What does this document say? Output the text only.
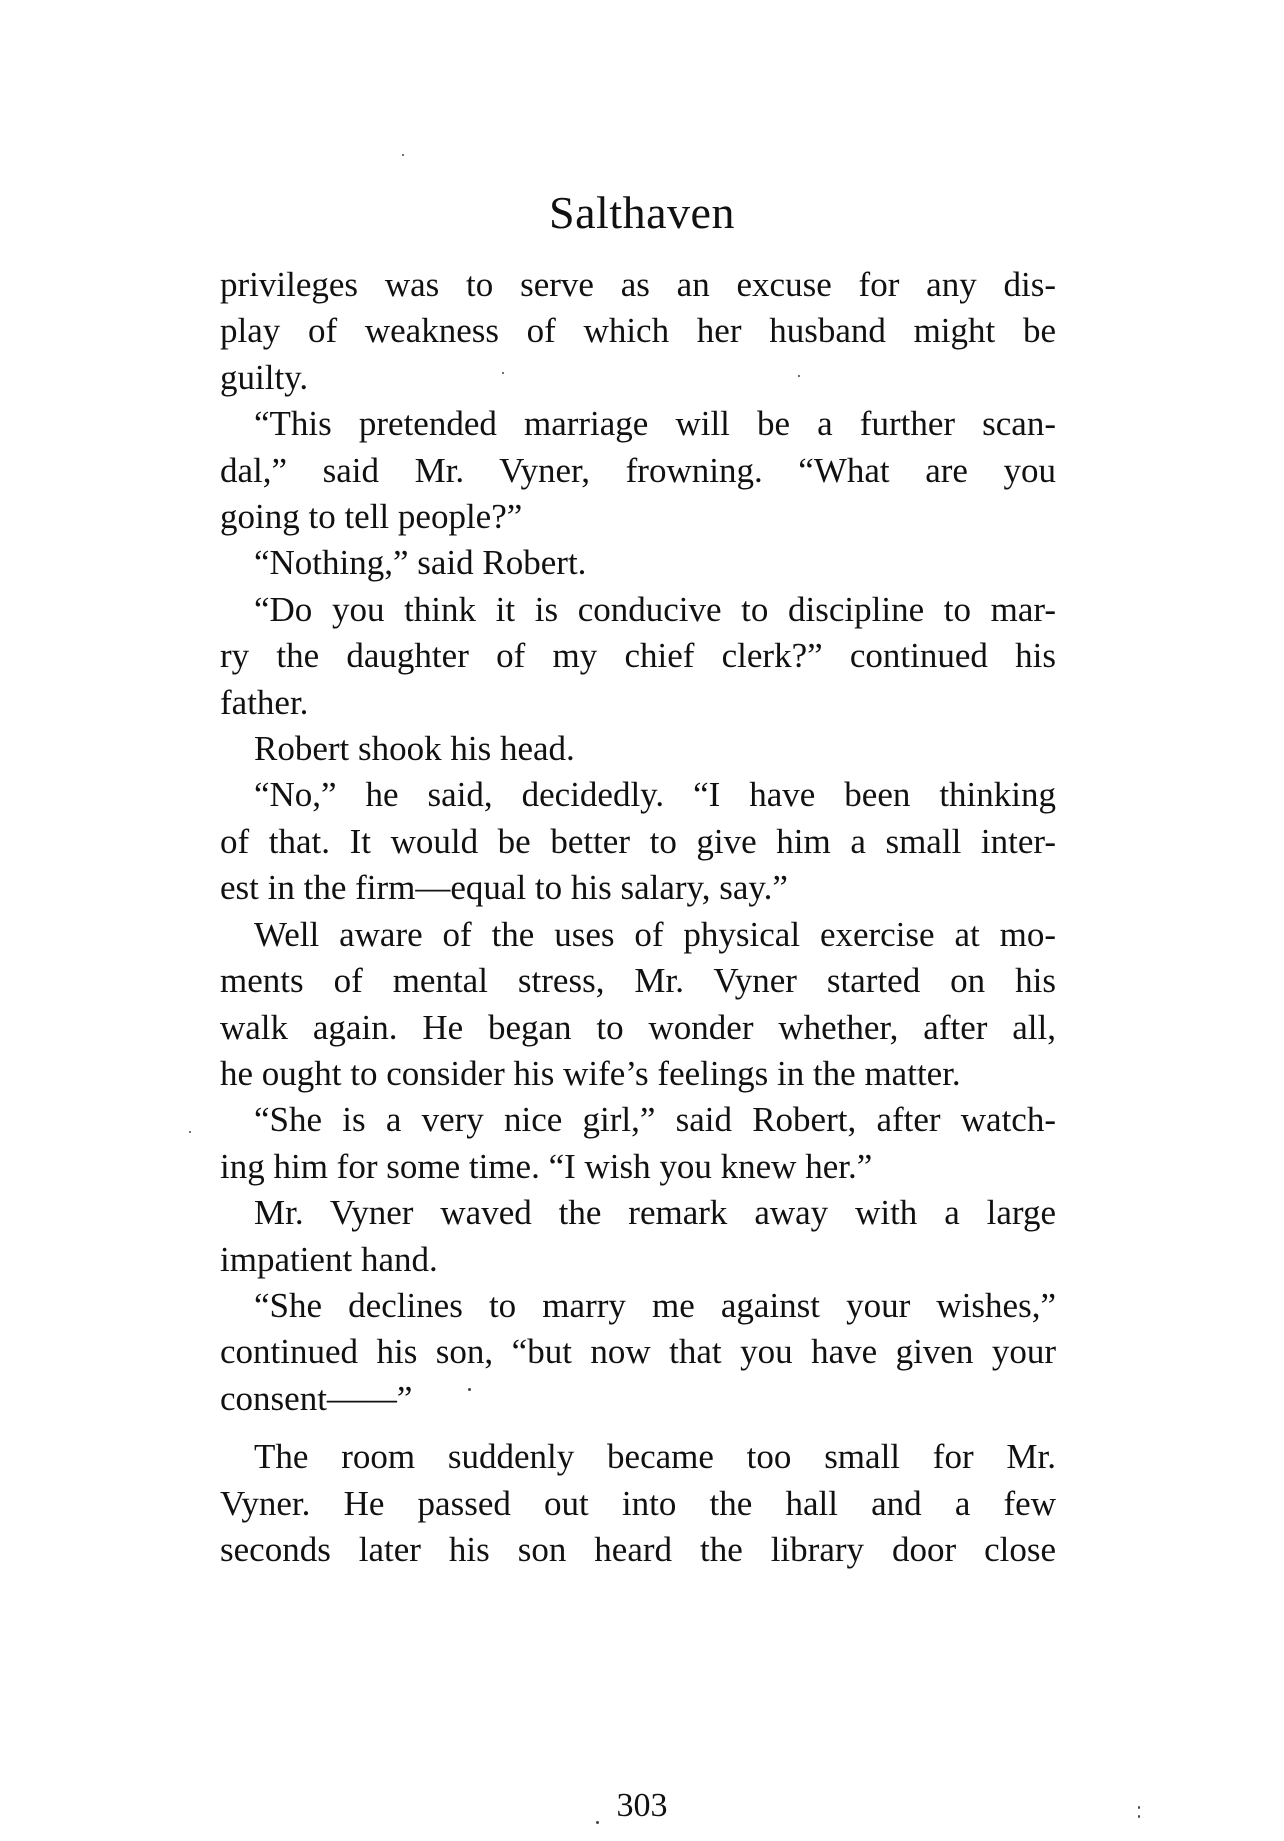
Salthaven

privileges was to serve as an excuse for any dis-

play of weakness of which her husband might be

guilty.

“This pretended marriage will be a further scan-

dal,” said Mr. Vyner, frowning. “What are you

going to tell people?”

“Nothing,” said Robert.

“Do you think it is conducive to discipline to mar-

ry the daughter of my chief clerk?” continued his

father.

Robert shook his head.

“No,” he said, decidedly. “I have been thinking

of that. It would be better to give him a small inter-

est in the firm—equal to his salary, say.”

Well aware of the uses of physical exercise at mo-

ments of mental stress, Mr. Vyner started on his

walk again. He began to wonder whether, after all,

he ought to consider his wife’s feelings in the matter.

“She is a very nice girl,” said Robert, after watch-

ing him for some time. “I wish you knew her.”

Mr. Vyner waved the remark away with a large

impatient hand.

“She declines to marry me against your wishes,”

continued his son, “but now that you have given your

consent——”

The room suddenly became too small for Mr.

Vyner. He passed out into the hall and a few

seconds later his son heard the library door close

303
